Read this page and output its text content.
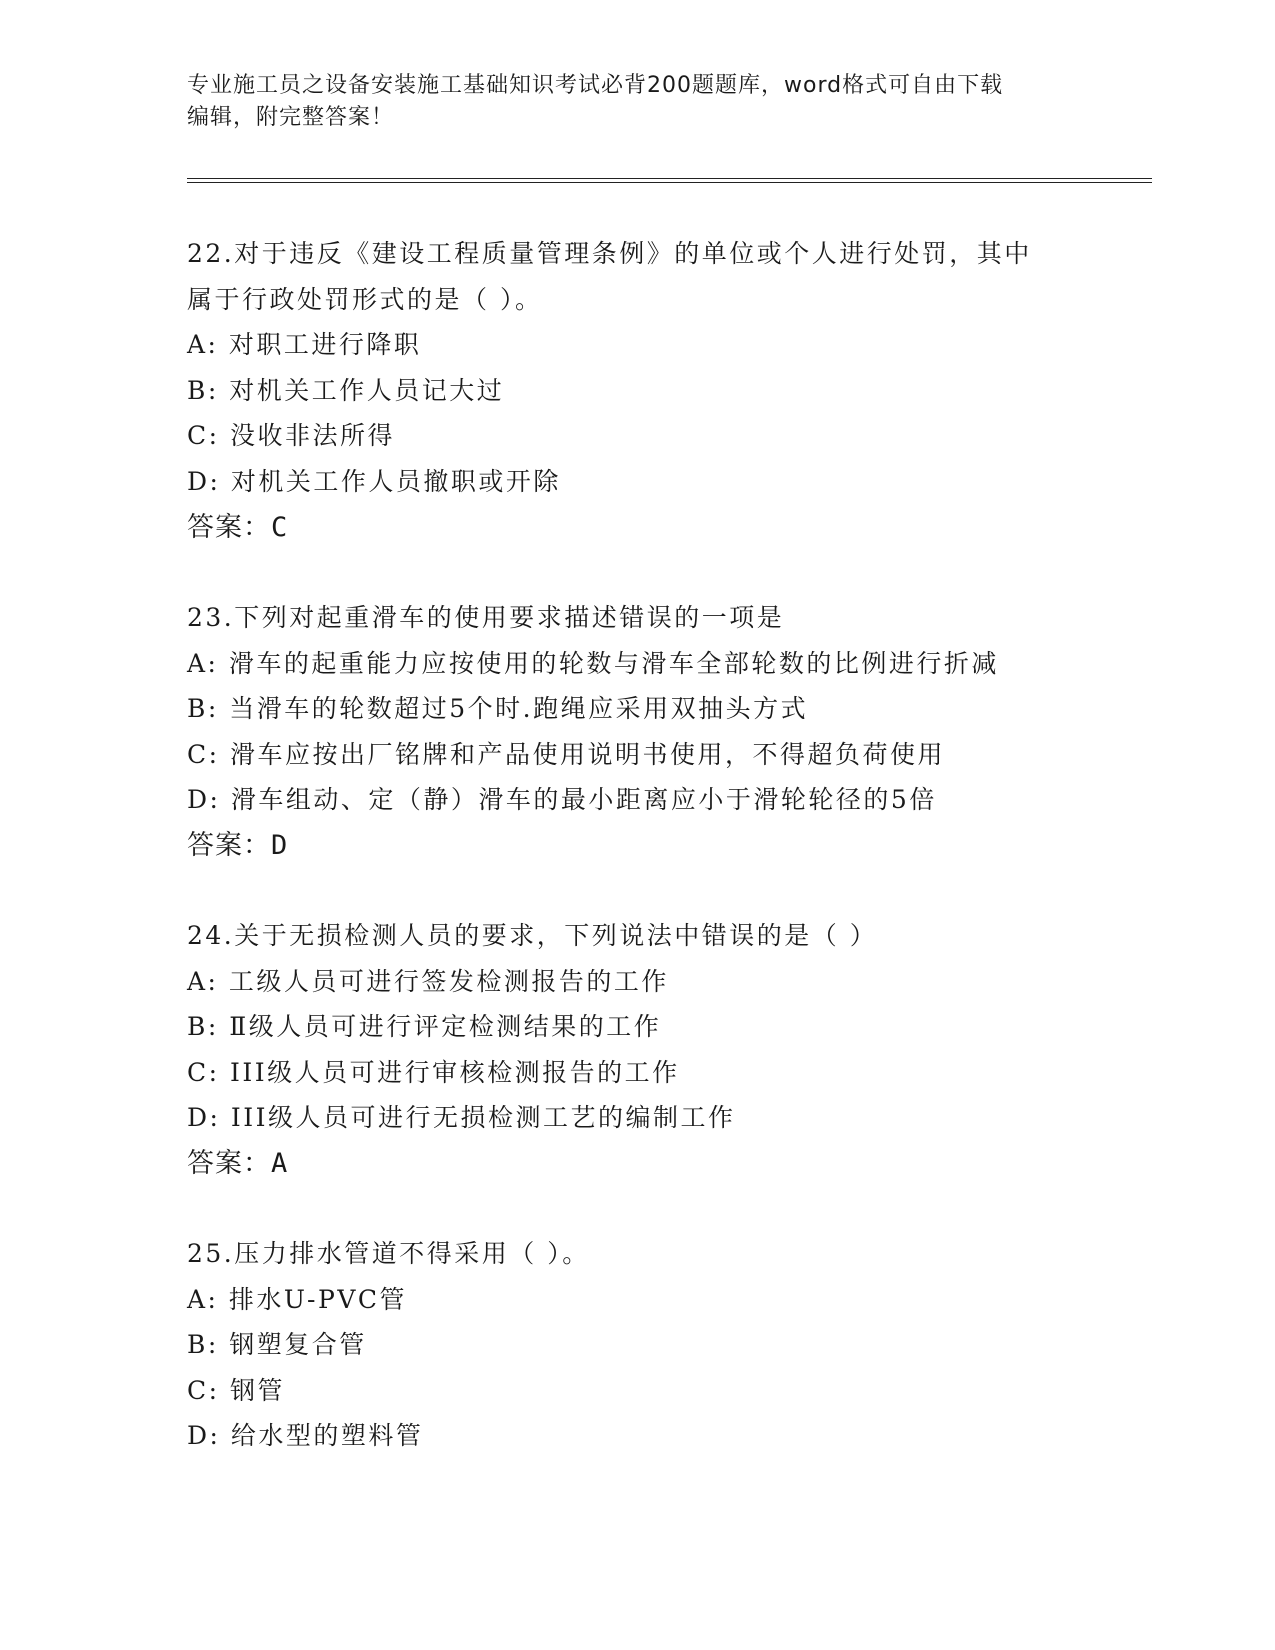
专业施工员之设备安装施工基础知识考试必背200题题库，word格式可自由下载
编辑，附完整答案！
22.对于违反《建设工程质量管理条例》的单位或个人进行处罚，其中
属于行政处罚形式的是（ ）。
A: 对职工进行降职
B: 对机关工作人员记大过
C: 没收非法所得
D: 对机关工作人员撤职或开除
答案：C
23.下列对起重滑车的使用要求描述错误的一项是
A: 滑车的起重能力应按使用的轮数与滑车全部轮数的比例进行折减
B: 当滑车的轮数超过5个时.跑绳应采用双抽头方式
C: 滑车应按出厂铭牌和产品使用说明书使用，不得超负荷使用
D: 滑车组动、定（静）滑车的最小距离应小于滑轮轮径的5倍
答案：D
24.关于无损检测人员的要求，下列说法中错误的是（ ）
A: 工级人员可进行签发检测报告的工作
B: Ⅱ级人员可进行评定检测结果的工作
C: III级人员可进行审核检测报告的工作
D: III级人员可进行无损检测工艺的编制工作
答案：A
25.压力排水管道不得采用（ ）。
A: 排水U-PVC管
B: 钢塑复合管
C: 钢管
D: 给水型的塑料管
